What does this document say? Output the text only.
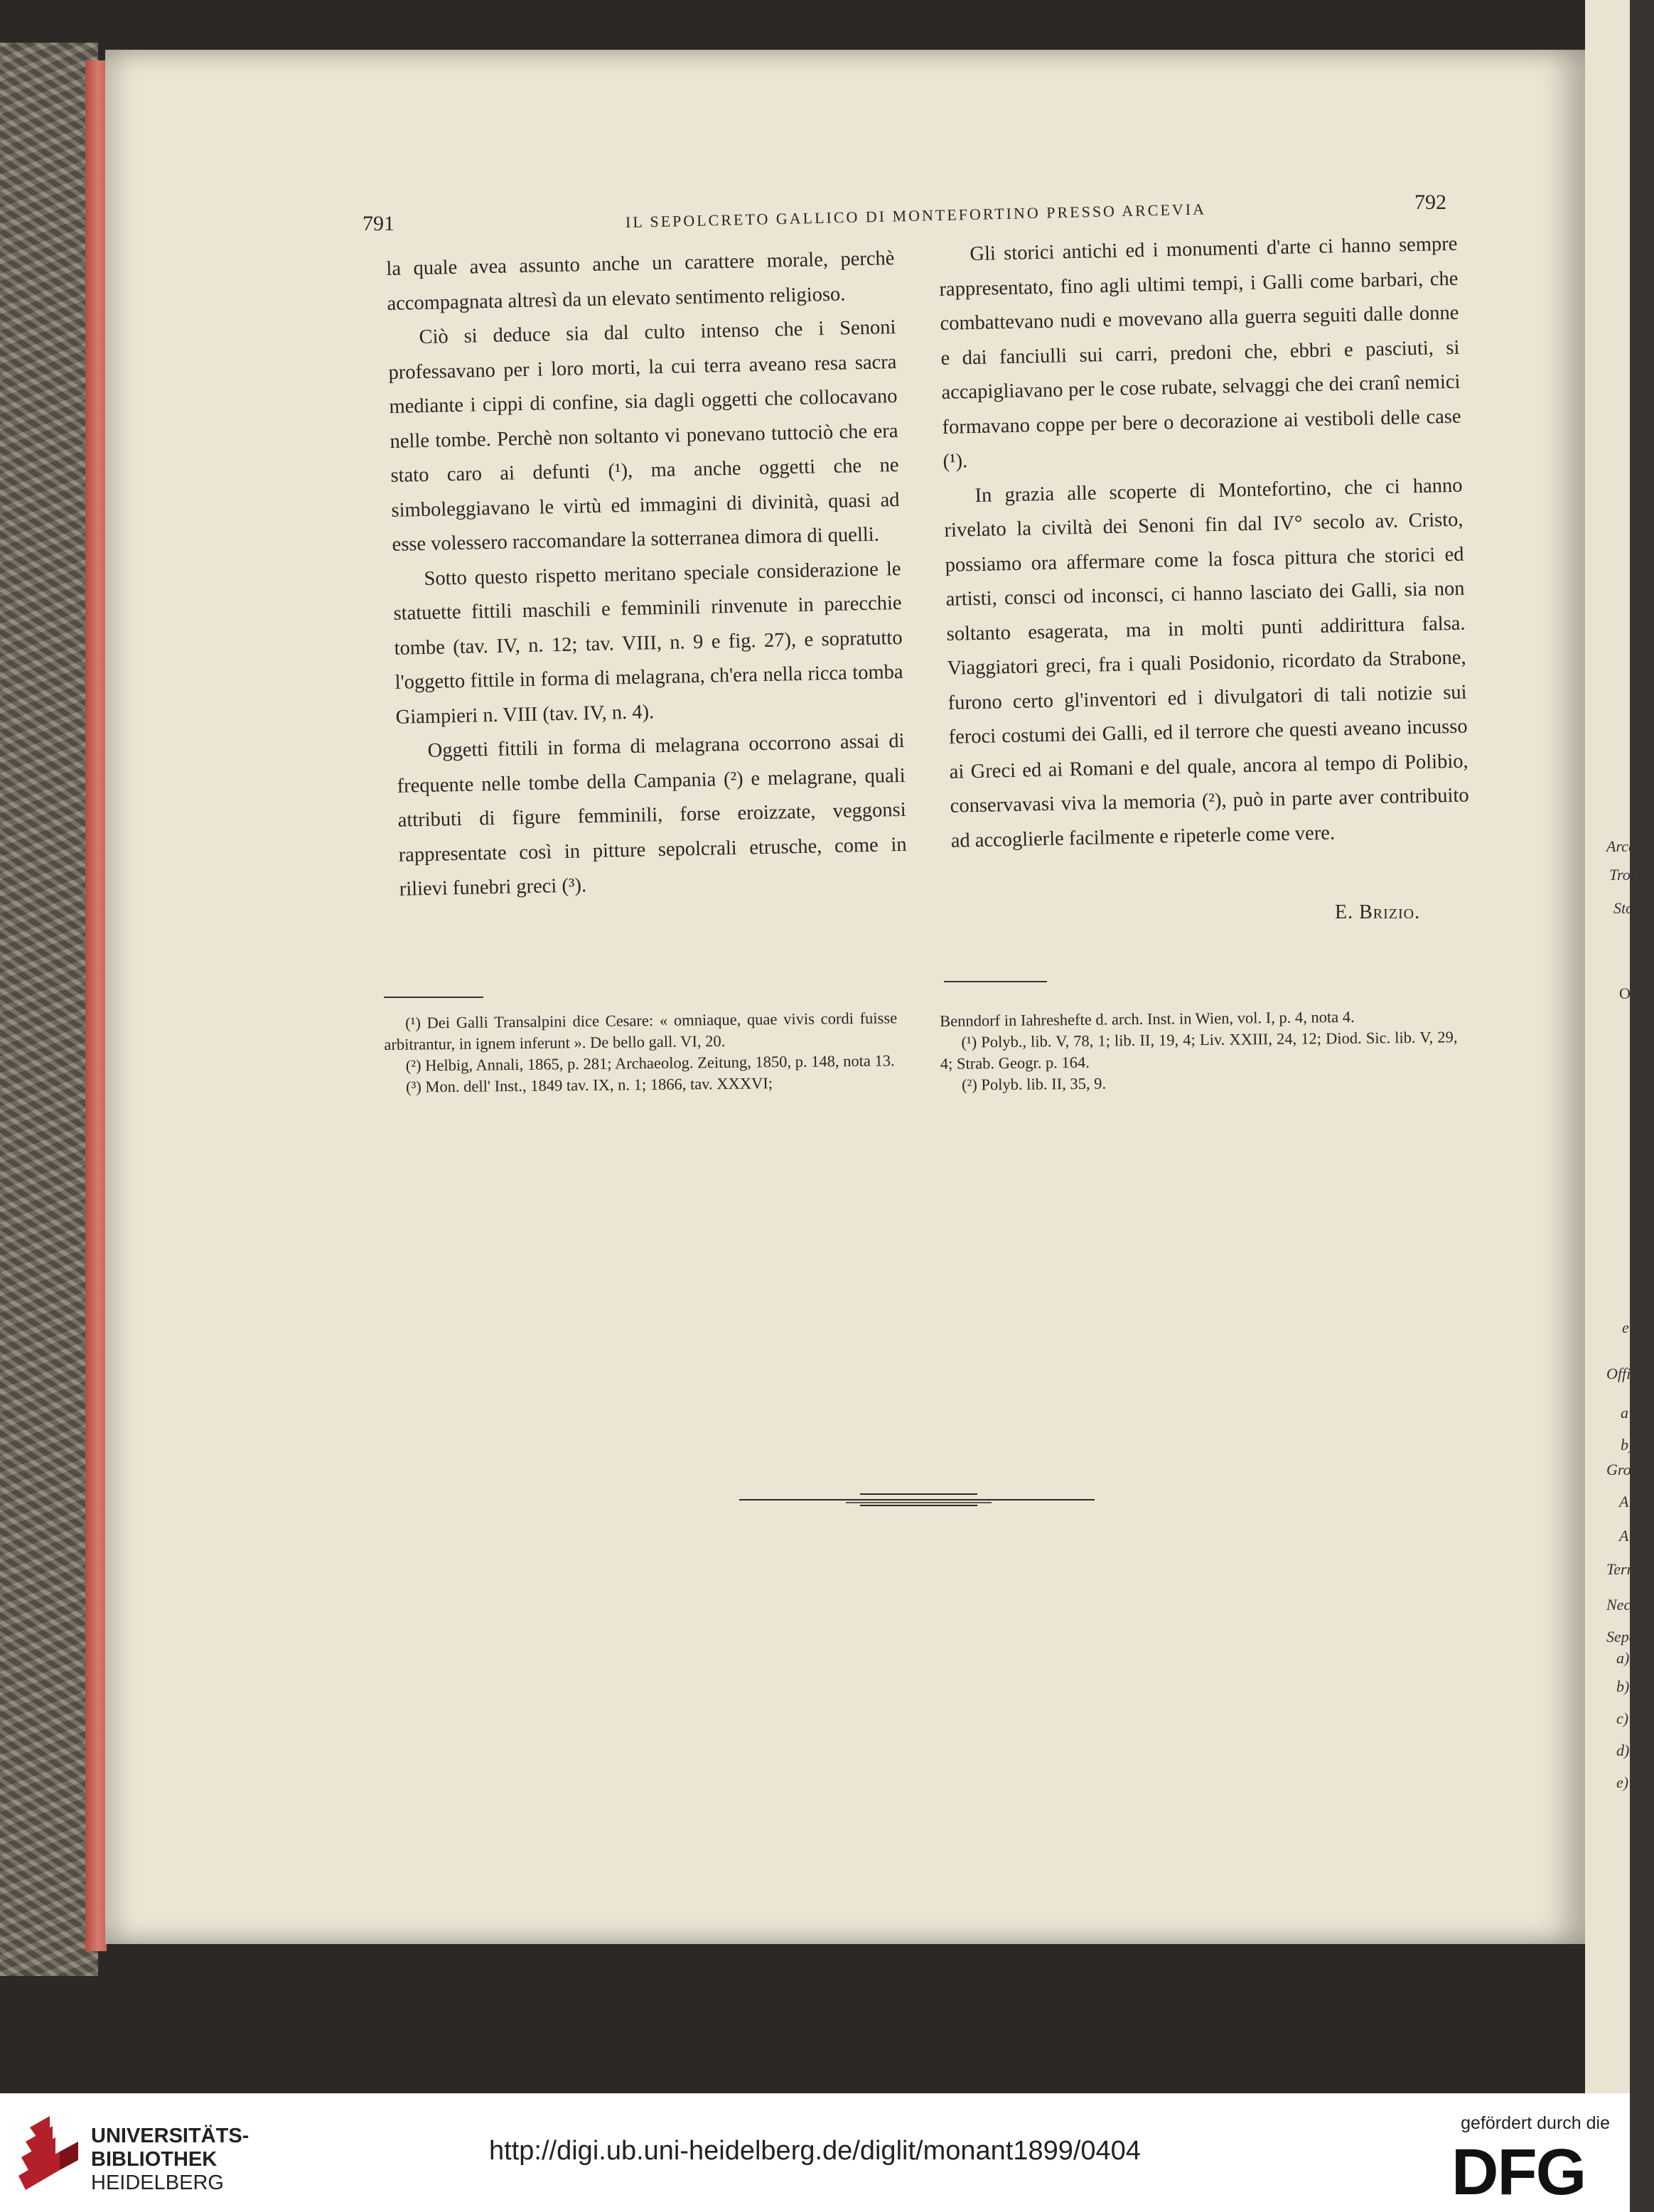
Arcev
Trova
Sto
O
e
Offici
a
b)
Grotte
A
A
Terran
Necrop
Sepolcr
a)
b)
c)
d)
e)
791	IL SEPOLCRETO GALLICO DI MONTEFORTINO PRESSO ARCEVIA	792

la quale avea assunto anche un carattere morale, perchè accompagnata altresì da un elevato sentimento religioso.

Ciò si deduce sia dal culto intenso che i Senoni professavano per i loro morti, la cui terra aveano resa sacra mediante i cippi di confine, sia dagli oggetti che collocavano nelle tombe. Perchè non soltanto vi ponevano tuttociò che era stato caro ai defunti (¹), ma anche oggetti che ne simboleggiavano le virtù ed immagini di divinità, quasi ad esse volessero raccomandare la sotterranea dimora di quelli.

Sotto questo rispetto meritano speciale considerazione le statuette fittili maschili e femminili rinvenute in parecchie tombe (tav. IV, n. 12; tav. VIII, n. 9 e fig. 27), e sopratutto l'oggetto fittile in forma di melagrana, ch'era nella ricca tomba Giampieri n. VIII (tav. IV, n. 4).

Oggetti fittili in forma di melagrana occorrono assai di frequente nelle tombe della Campania (²) e melagrane, quali attributi di figure femminili, forse eroizzate, veggonsi rappresentate così in pitture sepolcrali etrusche, come in rilievi funebri greci (³).

Gli storici antichi ed i monumenti d'arte ci hanno sempre rappresentato, fino agli ultimi tempi, i Galli come barbari, che combattevano nudi e movevano alla guerra seguiti dalle donne e dai fanciulli sui carri, predoni che, ebbri e pasciuti, si accapigliavano per le cose rubate, selvaggi che dei cranî nemici formavano coppe per bere o decorazione ai vestiboli delle case (¹).

In grazia alle scoperte di Montefortino, che ci hanno rivelato la civiltà dei Senoni fin dal IV° secolo av. Cristo, possiamo ora affermare come la fosca pittura che storici ed artisti, consci od inconsci, ci hanno lasciato dei Galli, sia non soltanto esagerata, ma in molti punti addirittura falsa. Viaggiatori greci, fra i quali Posidonio, ricordato da Strabone, furono certo gl'inventori ed i divulgatori di tali notizie sui feroci costumi dei Galli, ed il terrore che questi aveano incusso ai Greci ed ai Romani e del quale, ancora al tempo di Polibio, conservavasi viva la memoria (²), può in parte aver contribuito ad accoglierle facilmente e ripeterle come vere.

E. Brizio.

(¹) Dei Galli Transalpini dice Cesare: « omniaque, quae vivis cordi fuisse arbitrantur, in ignem inferunt ». De bello gall. VI, 20.

(²) Helbig, Annali, 1865, p. 281; Archaeolog. Zeitung, 1850, p. 148, nota 13.

(³) Mon. dell' Inst., 1849 tav. IX, n. 1; 1866, tav. XXXVI;

Benndorf in Iahreshefte d. arch. Inst. in Wien, vol. I, p. 4, nota 4.

(¹) Polyb., lib. V, 78, 1; lib. II, 19, 4; Liv. XXIII, 24, 12; Diod. Sic. lib. V, 29, 4; Strab. Geogr. p. 164.

(²) Polyb. lib. II, 35, 9.

UNIVERSITÄTS-
BIBLIOTHEK
HEIDELBERG
http://digi.ub.uni-heidelberg.de/diglit/monant1899/0404
gefördert durch die
DFG
